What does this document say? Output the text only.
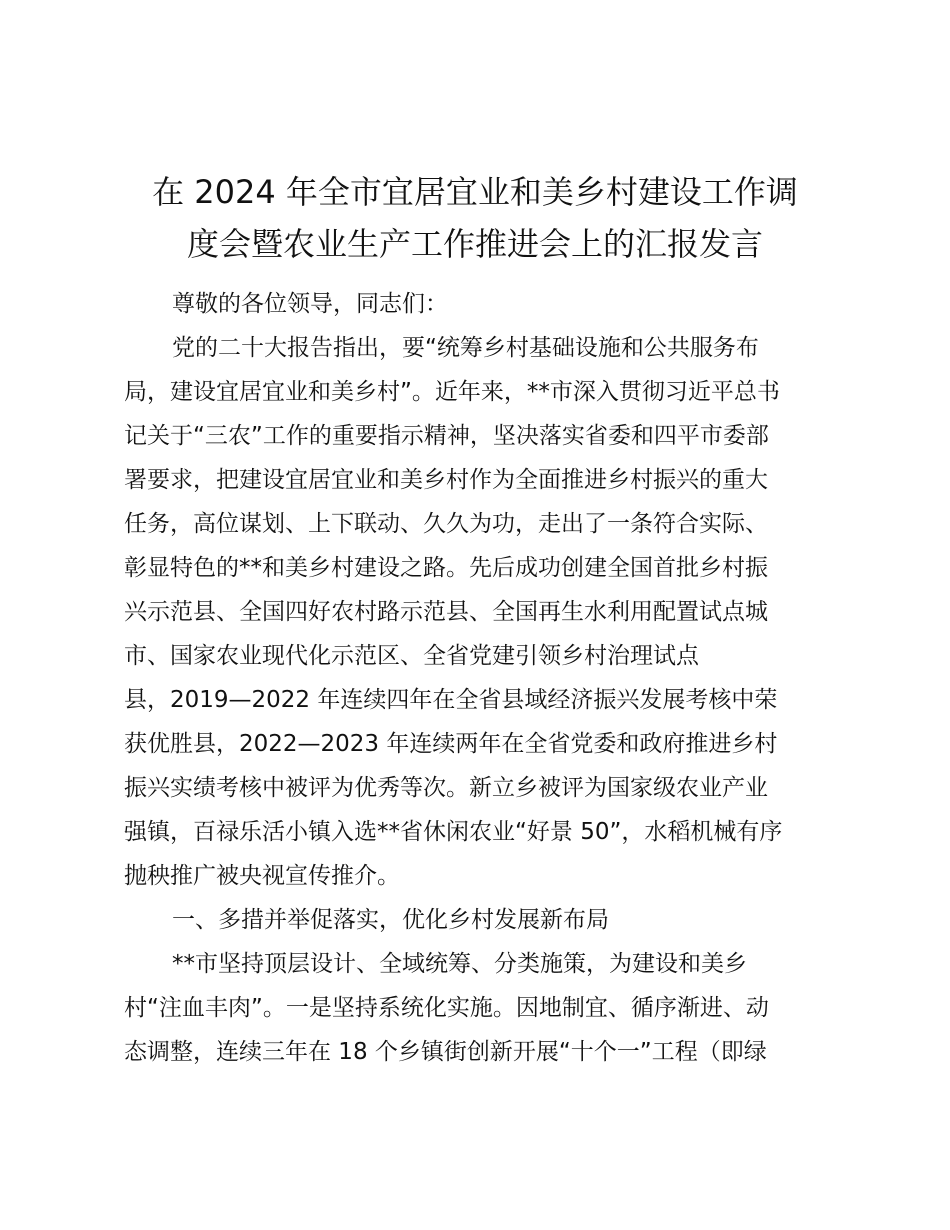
在 2024 年全市宜居宜业和美乡村建设工作调
度会暨农业生产工作推进会上的汇报发言
尊敬的各位领导，同志们：
党的二十大报告指出，要“统筹乡村基础设施和公共服务布
局，建设宜居宜业和美乡村”。近年来，**市深入贯彻习近平总书
记关于“三农”工作的重要指示精神，坚决落实省委和四平市委部
署要求，把建设宜居宜业和美乡村作为全面推进乡村振兴的重大
任务，高位谋划、上下联动、久久为功，走出了一条符合实际、
彰显特色的**和美乡村建设之路。先后成功创建全国首批乡村振
兴示范县、全国四好农村路示范县、全国再生水利用配置试点城
市、国家农业现代化示范区、全省党建引领乡村治理试点
县，2019—2022 年连续四年在全省县域经济振兴发展考核中荣
获优胜县，2022—2023 年连续两年在全省党委和政府推进乡村
振兴实绩考核中被评为优秀等次。新立乡被评为国家级农业产业
强镇，百禄乐活小镇入选**省休闲农业“好景 50”，水稻机械有序
抛秧推广被央视宣传推介。
一、多措并举促落实，优化乡村发展新布局
**市坚持顶层设计、全域统筹、分类施策，为建设和美乡
村“注血丰肉”。一是坚持系统化实施。因地制宜、循序渐进、动
态调整，连续三年在 18 个乡镇街创新开展“十个一”工程（即绿
